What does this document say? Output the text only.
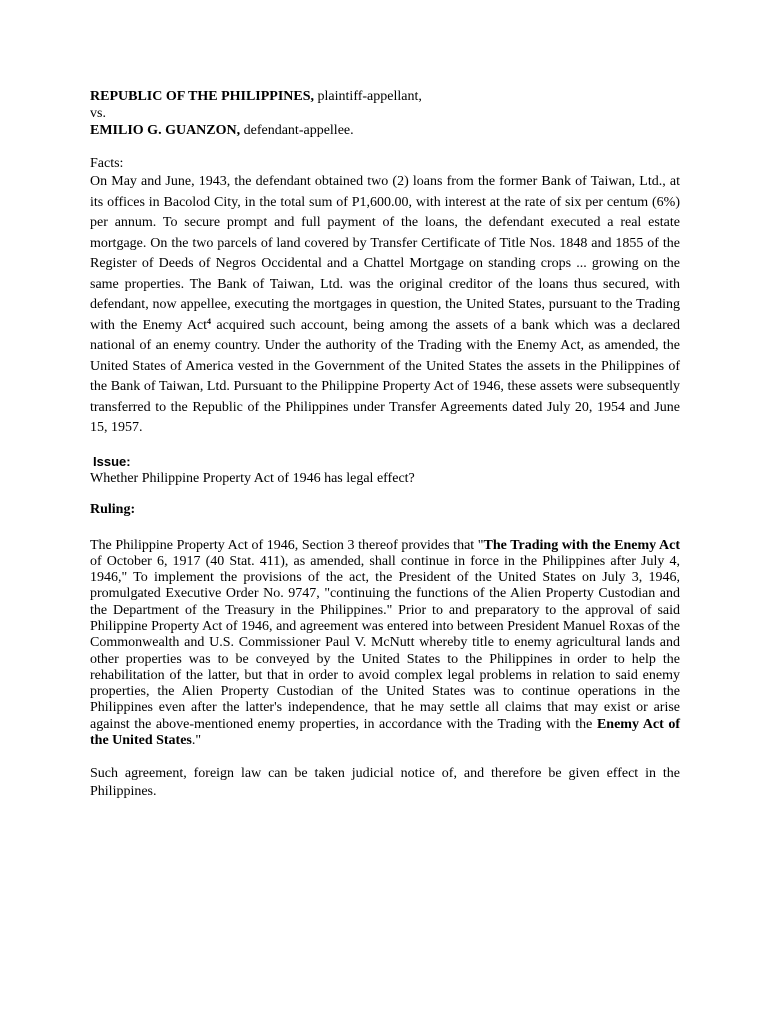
REPUBLIC OF THE PHILIPPINES, plaintiff-appellant,

vs.

EMILIO G. GUANZON, defendant-appellee.

Facts:

On May and June, 1943, the defendant obtained two (2) loans from the former Bank of Taiwan, Ltd., at its offices in Bacolod City, in the total sum of P1,600.00, with interest at the rate of six per centum (6%) per annum. To secure prompt and full payment of the loans, the defendant executed a real estate mortgage. On the two parcels of land covered by Transfer Certificate of Title Nos. 1848 and 1855 of the Register of Deeds of Negros Occidental and a Chattel Mortgage on standing crops ... growing on the same properties. The Bank of Taiwan, Ltd. was the original creditor of the loans thus secured, with defendant, now appellee, executing the mortgages in question, the United States, pursuant to the Trading with the Enemy Act$^4$ acquired such account, being among the assets of a bank which was a declared national of an enemy country. Under the authority of the Trading with the Enemy Act, as amended, the United States of America vested in the Government of the United States the assets in the Philippines of the Bank of Taiwan, Ltd. Pursuant to the Philippine Property Act of 1946, these assets were subsequently transferred to the Republic of the Philippines under Transfer Agreements dated July 20, 1954 and June 15, 1957.

Issue:

Whether Philippine Property Act of 1946 has legal effect?

Ruling:

The Philippine Property Act of 1946, Section 3 thereof provides that "The Trading with the Enemy Act of October 6, 1917 (40 Stat. 411), as amended, shall continue in force in the Philippines after July 4, 1946," To implement the provisions of the act, the President of the United States on July 3, 1946, promulgated Executive Order No. 9747, "continuing the functions of the Alien Property Custodian and the Department of the Treasury in the Philippines." Prior to and preparatory to the approval of said Philippine Property Act of 1946, and agreement was entered into between President Manuel Roxas of the Commonwealth and U.S. Commissioner Paul V. McNutt whereby title to enemy agricultural lands and other properties was to be conveyed by the United States to the Philippines in order to help the rehabilitation of the latter, but that in order to avoid complex legal problems in relation to said enemy properties, the Alien Property Custodian of the United States was to continue operations in the Philippines even after the latter's independence, that he may settle all claims that may exist or arise against the above-mentioned enemy properties, in accordance with the Trading with the Enemy Act of the United States."

Such agreement, foreign law can be taken judicial notice of, and therefore be given effect in the Philippines.
